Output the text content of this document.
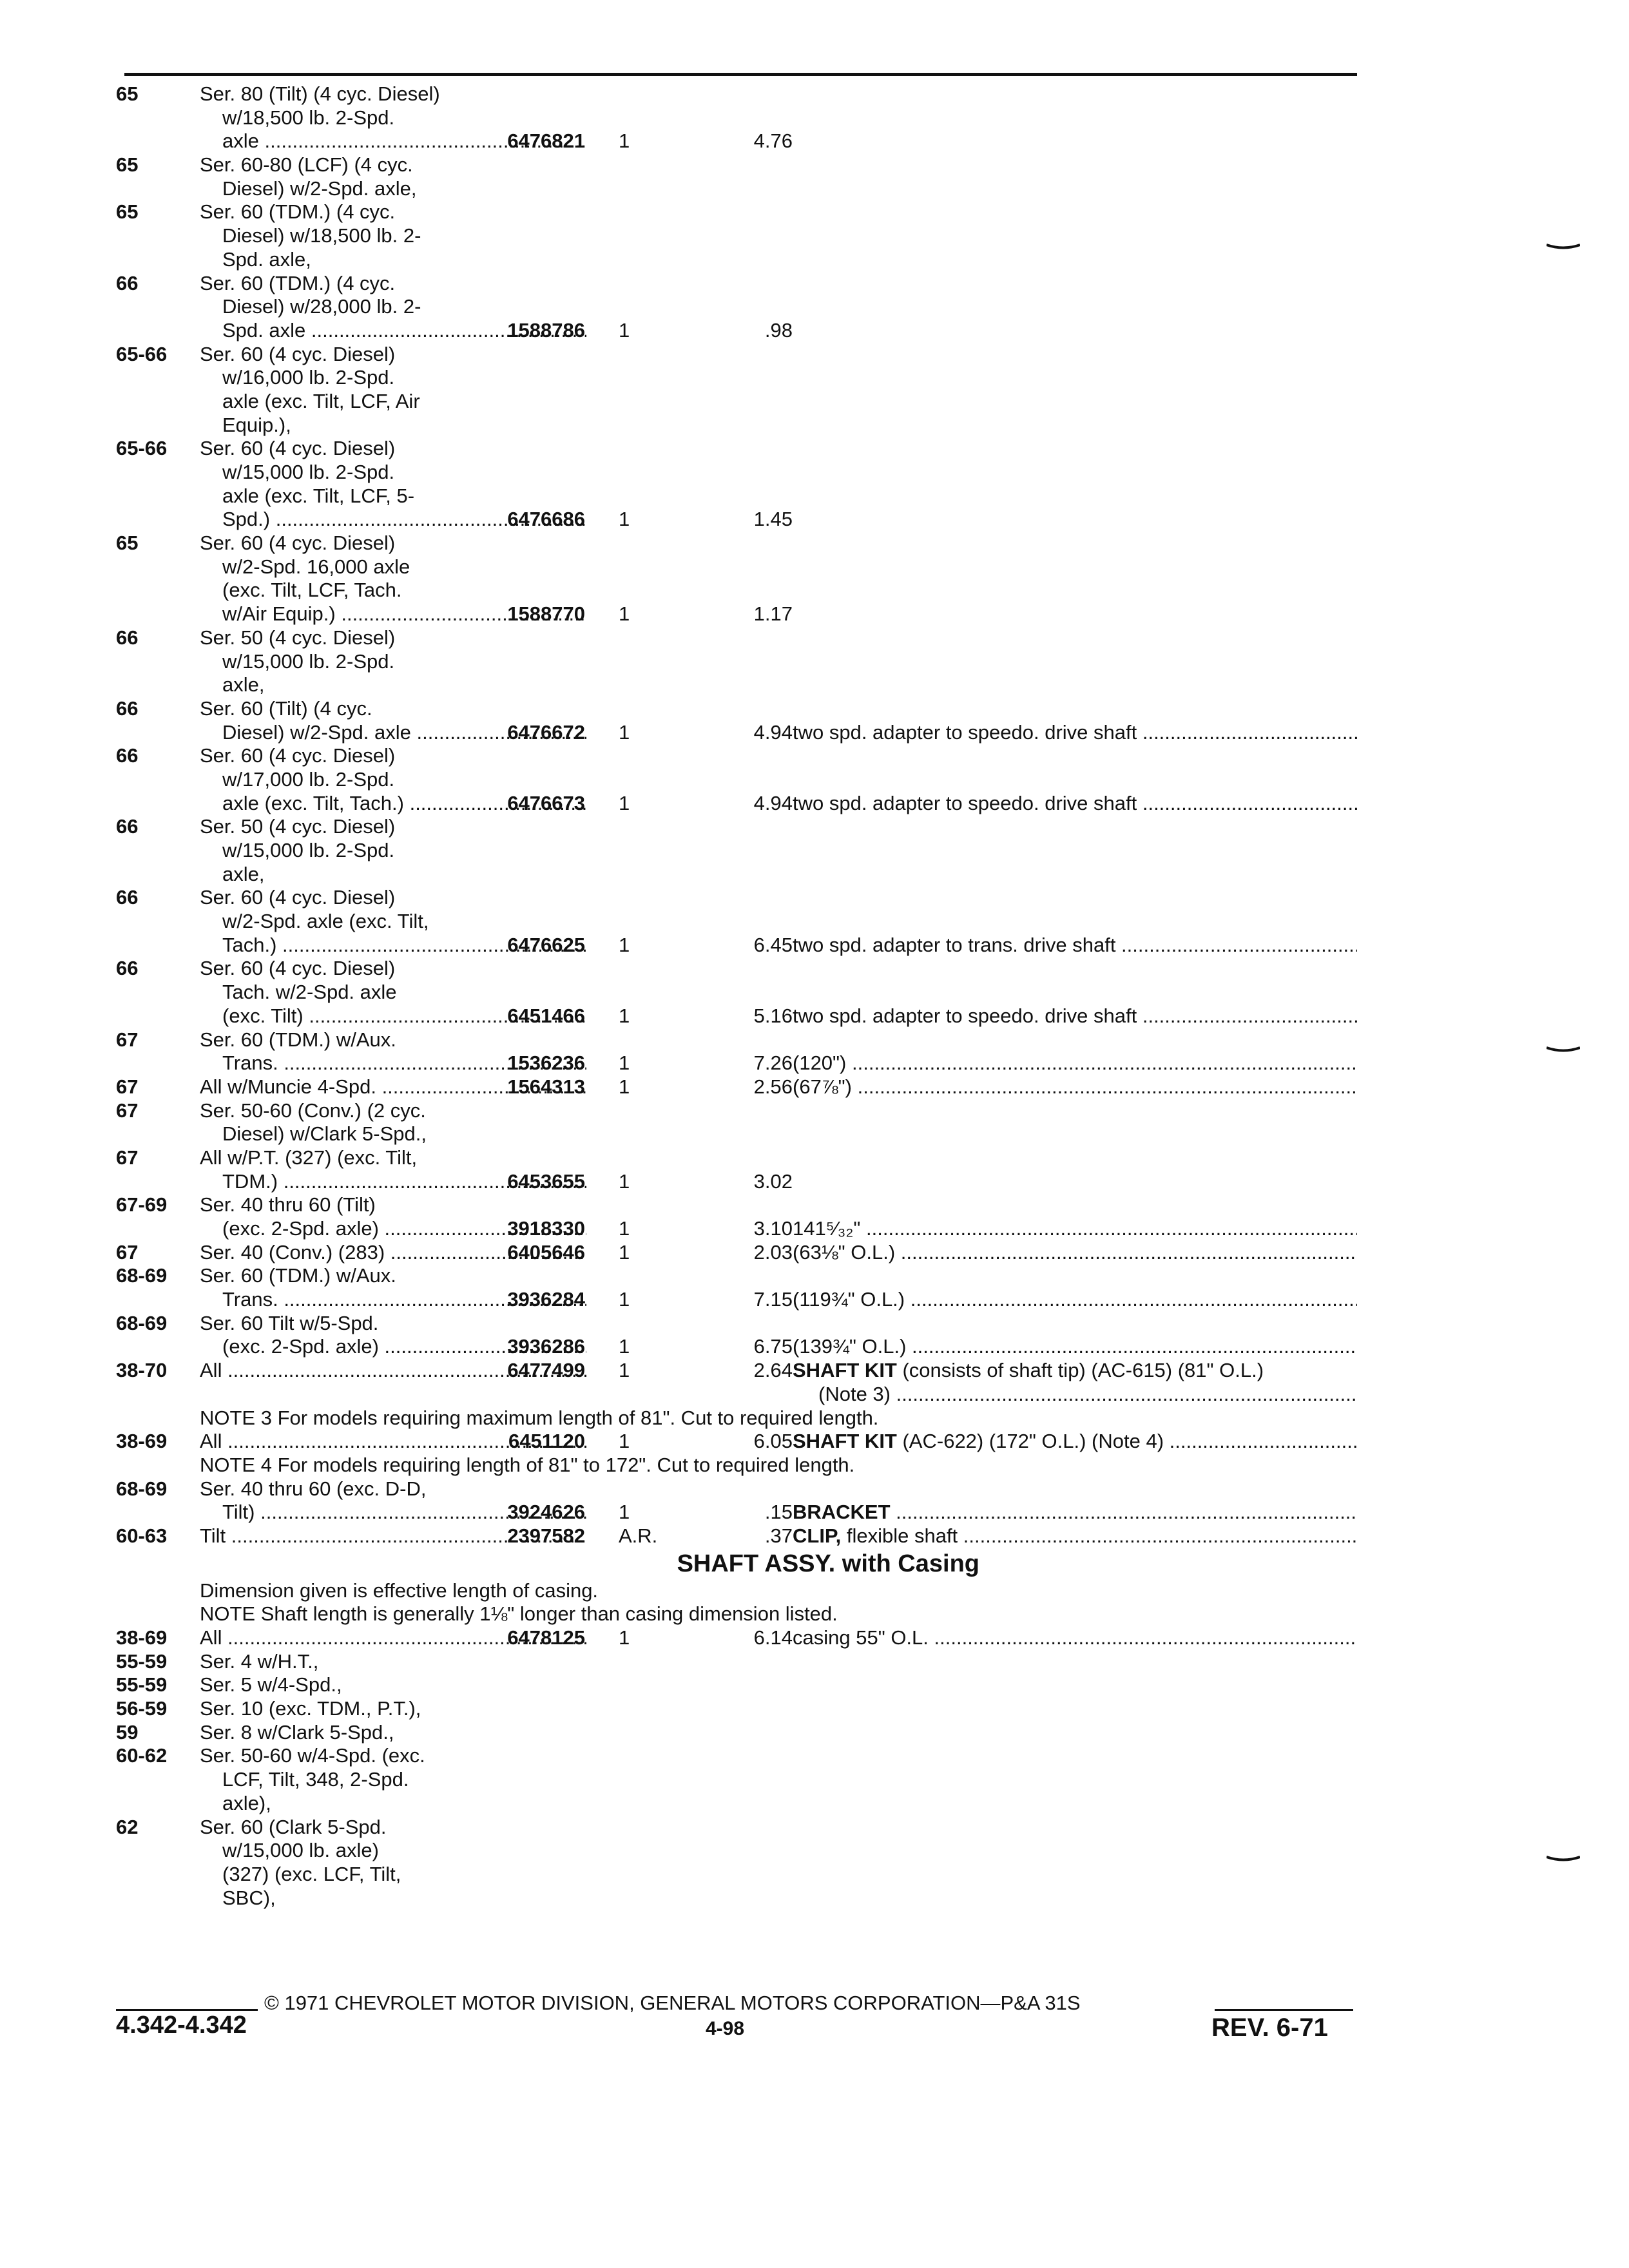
65	Ser. 80 (Tilt) (4 cyc. Diesel)
w/18,500 lb. 2-Spd.
axle .....	6476821 1	4.76
65	Ser. 60-80 (LCF) (4 cyc.
Diesel) w/2-Spd. axle,
65	Ser. 60 (TDM.) (4 cyc.
Diesel) w/18,500 lb. 2-
Spd. axle,
66	Ser. 60 (TDM.) (4 cyc.
Diesel) w/28,000 lb. 2-
Spd. axle .....	1588786 1	.98
65-66	Ser. 60 (4 cyc. Diesel)
w/16,000 lb. 2-Spd.
axle (exc. Tilt, LCF, Air
Equip.),
65-66	Ser. 60 (4 cyc. Diesel)
w/15,000 lb. 2-Spd.
axle (exc. Tilt, LCF, 5-
Spd.) .....	6476686 1	1.45
65	Ser. 60 (4 cyc. Diesel)
w/2-Spd. 16,000 axle
(exc. Tilt, LCF, Tach.
w/Air Equip.) .....	1588770 1	1.17
66	Ser. 50 (4 cyc. Diesel)
w/15,000 lb. 2-Spd.
axle,
66	Ser. 60 (Tilt) (4 cyc.
Diesel) w/2-Spd. axle .....	6476672 1	4.94 two spd. adapter to speedo. drive shaft .....
66	Ser. 60 (4 cyc. Diesel)
w/17,000 lb. 2-Spd.
axle (exc. Tilt, Tach.) .....	6476673 1	4.94 two spd. adapter to speedo. drive shaft .....
66	Ser. 50 (4 cyc. Diesel)
w/15,000 lb. 2-Spd.
axle,
66	Ser. 60 (4 cyc. Diesel)
w/2-Spd. axle (exc. Tilt,
Tach.) .....	6476625 1	6.45 two spd. adapter to trans. drive shaft .....
66	Ser. 60 (4 cyc. Diesel)
Tach. w/2-Spd. axle
(exc. Tilt) .....	6451466 1	5.16 two spd. adapter to speedo. drive shaft .....
67	Ser. 60 (TDM.) w/Aux.
Trans. .....	1536236 1	7.26 (120") .....
67	All w/Muncie 4-Spd. .....	1564313 1	2.56 (67⅞") .....
67	Ser. 50-60 (Conv.) (2 cyc.
Diesel) w/Clark 5-Spd.,
67	All w/P.T. (327) (exc. Tilt,
TDM.) .....	6453655 1	3.02
67-69	Ser. 40 thru 60 (Tilt)
(exc. 2-Spd. axle) .....	3918330 1	3.10 141⁵⁄₃₂" .....
67	Ser. 40 (Conv.) (283) .....	6405646 1	2.03 (63⅛" O.L.) .....
68-69	Ser. 60 (TDM.) w/Aux.
Trans. .....	3936284 1	7.15 (119¾" O.L.) .....
68-69	Ser. 60 Tilt w/5-Spd.
(exc. 2-Spd. axle) .....	3936286 1	6.75 (139¾" O.L.) .....
38-70	All .....	6477499 1	2.64 SHAFT KIT (consists of shaft tip) (AC-615) (81" O.L.)
(Note 3) .....
NOTE 3 For models requiring maximum length of 81". Cut to required length.
38-69	All .....	6451120 1	6.05 SHAFT KIT (AC-622) (172" O.L.) (Note 4) .....
NOTE 4 For models requiring length of 81" to 172". Cut to required length.
68-69	Ser. 40 thru 60 (exc. D-D,
Tilt) .....	3924626 1	.15 BRACKET .....
60-63	Tilt .....	2397582 A.R.	.37 CLIP, flexible shaft .....
SHAFT ASSY. with Casing
Dimension given is effective length of casing.
NOTE Shaft length is generally 1⅛" longer than casing dimension listed.
38-69	All .....	6478125 1	6.14 casing 55" O.L. .....
55-59	Ser. 4 w/H.T.,
55-59	Ser. 5 w/4-Spd.,
56-59	Ser. 10 (exc. TDM., P.T.),
59	Ser. 8 w/Clark 5-Spd.,
60-62	Ser. 50-60 w/4-Spd. (exc.
LCF, Tilt, 348, 2-Spd.
axle),
62	Ser. 60 (Clark 5-Spd.
w/15,000 lb. axle)
(327) (exc. LCF, Tilt,
SBC),
© 1971 CHEVROLET MOTOR DIVISION, GENERAL MOTORS CORPORATION—P&A 31S
4.342-4.342	4-98	REV. 6-71
